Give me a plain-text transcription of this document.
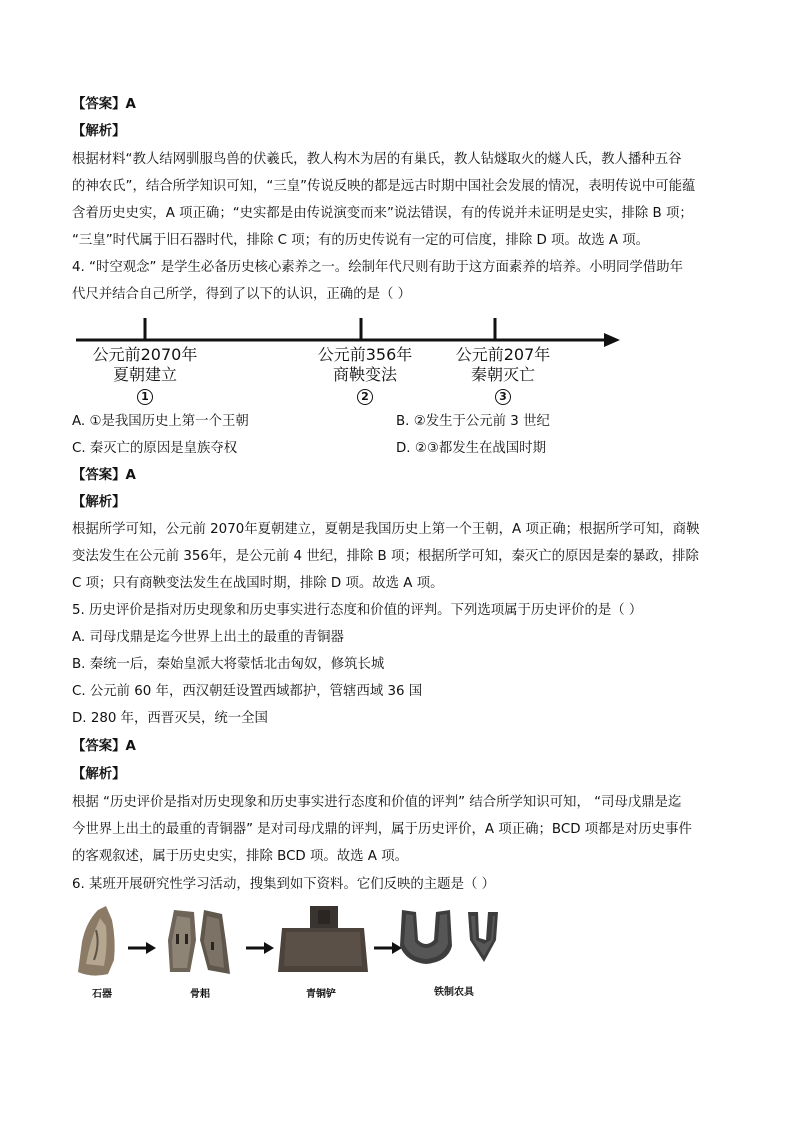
【答案】A
【解析】
根据材料“教人结网驯服鸟兽的伏羲氏，教人构木为居的有巢氏，教人钻燧取火的燧人氏，教人播种五谷
的神农氏”，结合所学知识可知，“三皇”传说反映的都是远古时期中国社会发展的情况，表明传说中可能蕴
含着历史史实，A 项正确；“史实都是由传说演变而来”说法错误，有的传说并未证明是史实，排除 B 项；
“三皇”时代属于旧石器时代，排除 C 项；有的历史传说有一定的可信度，排除 D 项。故选 A 项。
4. “时空观念” 是学生必备历史核心素养之一。绘制年代尺则有助于这方面素养的培养。小明同学借助年
代尺并结合自己所学，得到了以下的认识，正确的是（ ）
公元前2070年
夏朝建立
1
公元前356年
商鞅变法
2
公元前207年
秦朝灭亡
3
A. ①是我国历史上第一个王朝	B. ②发生于公元前 3 世纪
C. 秦灭亡的原因是皇族夺权	D. ②③都发生在战国时期
【答案】A
【解析】
根据所学可知，公元前 2070年夏朝建立，夏朝是我国历史上第一个王朝，A 项正确；根据所学可知，商鞅
变法发生在公元前 356年，是公元前 4 世纪，排除 B 项；根据所学可知，秦灭亡的原因是秦的暴政，排除
C 项；只有商鞅变法发生在战国时期，排除 D 项。故选 A 项。
5. 历史评价是指对历史现象和历史事实进行态度和价值的评判。下列选项属于历史评价的是（ ）
A. 司母戊鼎是迄今世界上出土的最重的青铜器
B. 秦统一后，秦始皇派大将蒙恬北击匈奴，修筑长城
C. 公元前 60 年，西汉朝廷设置西域都护，管辖西域 36 国
D. 280 年，西晋灭吴，统一全国
【答案】A
【解析】
根据 “历史评价是指对历史现象和历史事实进行态度和价值的评判” 结合所学知识可知， “司母戊鼎是迄
今世界上出土的最重的青铜器” 是对司母戊鼎的评判，属于历史评价，A 项正确；BCD 项都是对历史事件
的客观叙述，属于历史史实，排除 BCD 项。故选 A 项。
6. 某班开展研究性学习活动，搜集到如下资料。它们反映的主题是（ ）
石器	骨耜	青铜铲	铁制农具
